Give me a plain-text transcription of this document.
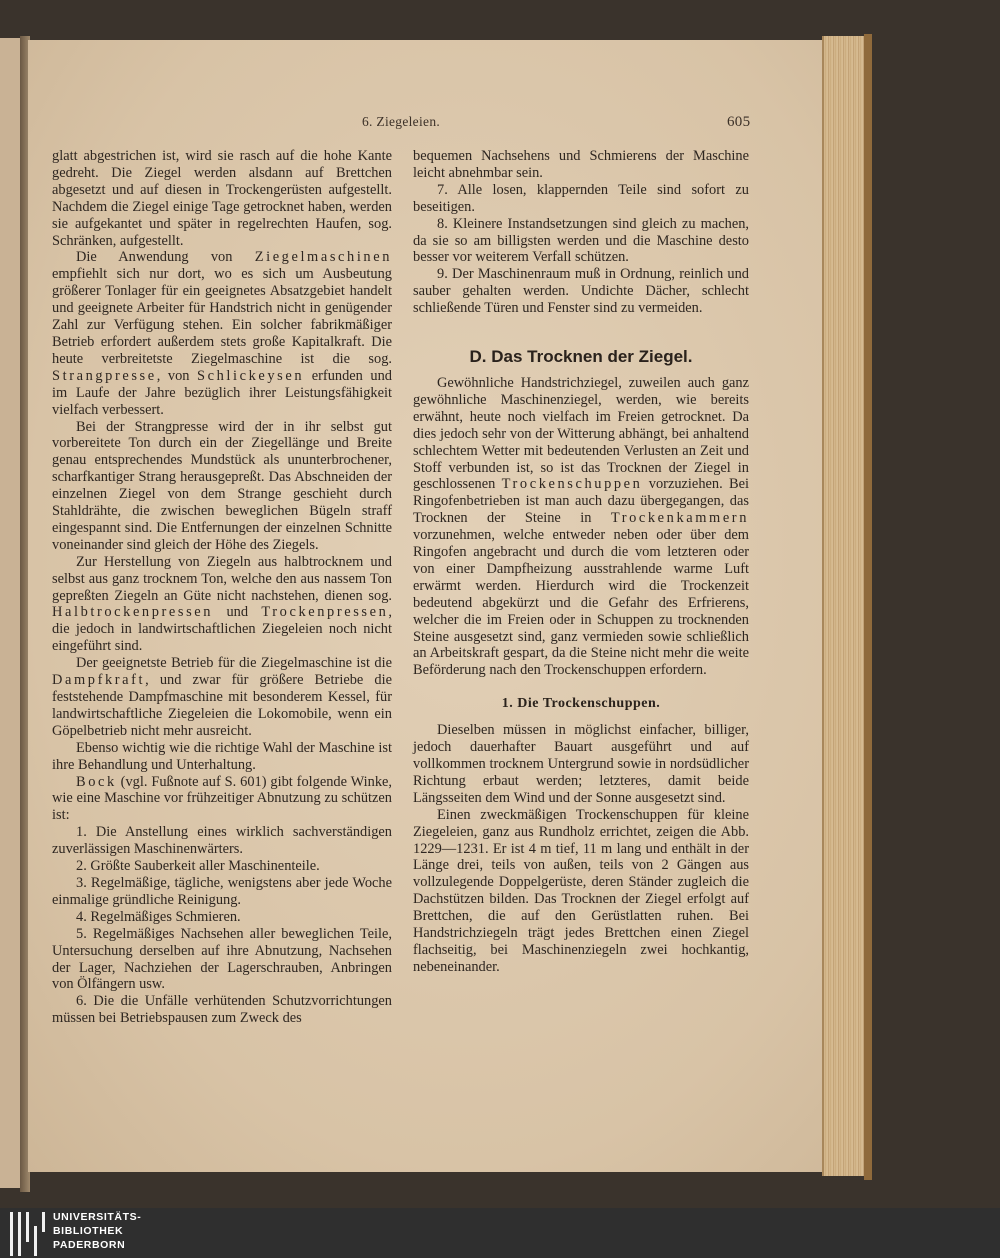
6. Ziegeleien.	605

glatt abgestrichen ist, wird sie rasch auf die hohe Kante gedreht. Die Ziegel werden alsdann auf Brettchen abgesetzt und auf diesen in Trockengerüsten aufgestellt. Nachdem die Ziegel einige Tage getrocknet haben, werden sie aufgekantet und später in regelrechten Haufen, sog. Schränken, aufgestellt.

Die Anwendung von Ziegelmaschinen empfiehlt sich nur dort, wo es sich um Ausbeutung größerer Tonlager für ein geeignetes Absatzgebiet handelt und geeignete Arbeiter für Handstrich nicht in genügender Zahl zur Verfügung stehen. Ein solcher fabrikmäßiger Betrieb erfordert außerdem stets große Kapitalkraft. Die heute verbreitetste Ziegelmaschine ist die sog. Strangpresse, von Schlickeysen erfunden und im Laufe der Jahre bezüglich ihrer Leistungsfähigkeit vielfach verbessert.

Bei der Strangpresse wird der in ihr selbst gut vorbereitete Ton durch ein der Ziegellänge und Breite genau entsprechendes Mundstück als ununterbrochener, scharfkantiger Strang herausgepreßt. Das Abschneiden der einzelnen Ziegel von dem Strange geschieht durch Stahldrähte, die zwischen beweglichen Bügeln straff eingespannt sind. Die Entfernungen der einzelnen Schnitte voneinander sind gleich der Höhe des Ziegels.

Zur Herstellung von Ziegeln aus halbtrocknem und selbst aus ganz trocknem Ton, welche den aus nassem Ton gepreßten Ziegeln an Güte nicht nachstehen, dienen sog. Halbtrockenpressen und Trockenpressen, die jedoch in landwirtschaftlichen Ziegeleien noch nicht eingeführt sind.

Der geeignetste Betrieb für die Ziegelmaschine ist die Dampfkraft, und zwar für größere Betriebe die feststehende Dampfmaschine mit besonderem Kessel, für landwirtschaftliche Ziegeleien die Lokomobile, wenn ein Göpelbetrieb nicht mehr ausreicht.

Ebenso wichtig wie die richtige Wahl der Maschine ist ihre Behandlung und Unterhaltung.

Bock (vgl. Fußnote auf S. 601) gibt folgende Winke, wie eine Maschine vor frühzeitiger Abnutzung zu schützen ist:

1. Die Anstellung eines wirklich sachverständigen zuverlässigen Maschinenwärters.

2. Größte Sauberkeit aller Maschinenteile.

3. Regelmäßige, tägliche, wenigstens aber jede Woche einmalige gründliche Reinigung.

4. Regelmäßiges Schmieren.

5. Regelmäßiges Nachsehen aller beweglichen Teile, Untersuchung derselben auf ihre Abnutzung, Nachsehen der Lager, Nachziehen der Lagerschrauben, Anbringen von Ölfängern usw.

6. Die die Unfälle verhütenden Schutzvorrichtungen müssen bei Betriebspausen zum Zweck des

bequemen Nachsehens und Schmierens der Maschine leicht abnehmbar sein.

7. Alle losen, klappernden Teile sind sofort zu beseitigen.

8. Kleinere Instandsetzungen sind gleich zu machen, da sie so am billigsten werden und die Maschine desto besser vor weiterem Verfall schützen.

9. Der Maschinenraum muß in Ordnung, reinlich und sauber gehalten werden. Undichte Dächer, schlecht schließende Türen und Fenster sind zu vermeiden.

D. Das Trocknen der Ziegel.

Gewöhnliche Handstrichziegel, zuweilen auch ganz gewöhnliche Maschinenziegel, werden, wie bereits erwähnt, heute noch vielfach im Freien getrocknet. Da dies jedoch sehr von der Witterung abhängt, bei anhaltend schlechtem Wetter mit bedeutenden Verlusten an Zeit und Stoff verbunden ist, so ist das Trocknen der Ziegel in geschlossenen Trockenschuppen vorzuziehen. Bei Ringofenbetrieben ist man auch dazu übergegangen, das Trocknen der Steine in Trockenkammern vorzunehmen, welche entweder neben oder über dem Ringofen angebracht und durch die vom letzteren oder von einer Dampfheizung ausstrahlende warme Luft erwärmt werden. Hierdurch wird die Trockenzeit bedeutend abgekürzt und die Gefahr des Erfrierens, welcher die im Freien oder in Schuppen zu trocknenden Steine ausgesetzt sind, ganz vermieden sowie schließlich an Arbeitskraft gespart, da die Steine nicht mehr die weite Beförderung nach den Trockenschuppen erfordern.

1. Die Trockenschuppen.

Dieselben müssen in möglichst einfacher, billiger, jedoch dauerhafter Bauart ausgeführt und auf vollkommen trocknem Untergrund sowie in nordsüdlicher Richtung erbaut werden; letzteres, damit beide Längsseiten dem Wind und der Sonne ausgesetzt sind.

Einen zweckmäßigen Trockenschuppen für kleine Ziegeleien, ganz aus Rundholz errichtet, zeigen die Abb. 1229—1231. Er ist 4 m tief, 11 m lang und enthält in der Länge drei, teils von außen, teils von 2 Gängen aus vollzulegende Doppelgerüste, deren Ständer zugleich die Dachstützen bilden. Das Trocknen der Ziegel erfolgt auf Brettchen, die auf den Gerüstlatten ruhen. Bei Handstrichziegeln trägt jedes Brettchen einen Ziegel flachseitig, bei Maschinenziegeln zwei hochkantig, nebeneinander.

UNIVERSITÄTS-
BIBLIOTHEK
PADERBORN
